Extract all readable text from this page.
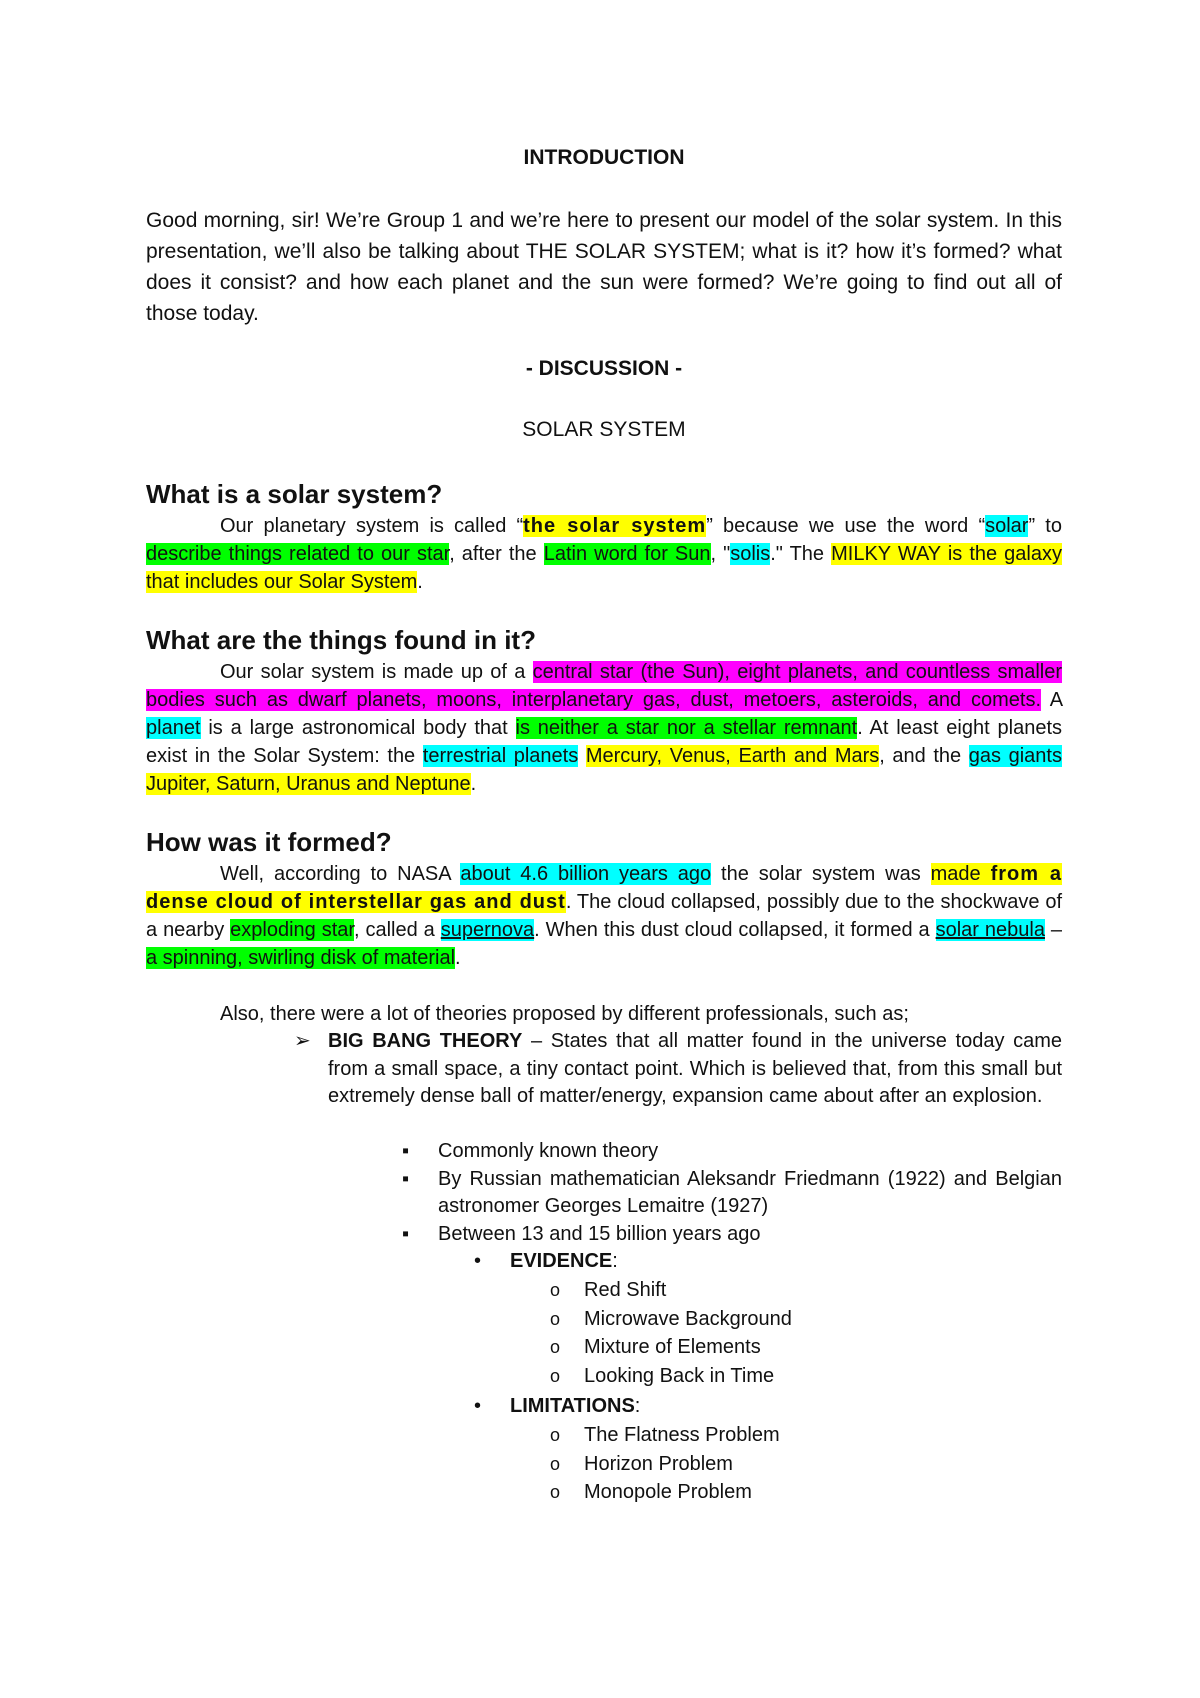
INTRODUCTION
Good morning, sir! We’re Group 1 and we’re here to present our model of the solar system. In this presentation, we’ll also be talking about THE SOLAR SYSTEM; what is it? how it’s formed? what does it consist? and how each planet and the sun were formed? We’re going to find out all of those today.
- DISCUSSION -
SOLAR SYSTEM

What is a solar system?

Our planetary system is called “the solar system” because we use the word “solar” to describe things related to our star, after the Latin word for Sun, "solis." The MILKY WAY is the galaxy that includes our Solar System.

What are the things found in it?

Our solar system is made up of a central star (the Sun), eight planets, and countless smaller bodies such as dwarf planets, moons, interplanetary gas, dust, metoers, asteroids, and comets. A planet is a large astronomical body that is neither a star nor a stellar remnant. At least eight planets exist in the Solar System: the terrestrial planets Mercury, Venus, Earth and Mars, and the gas giants Jupiter, Saturn, Uranus and Neptune.

How was it formed?

Well, according to NASA about 4.6 billion years ago the solar system was made from a dense cloud of interstellar gas and dust. The cloud collapsed, possibly due to the shockwave of a nearby exploding star, called a supernova. When this dust cloud collapsed, it formed a solar nebula – a spinning, swirling disk of material.

Also, there were a lot of theories proposed by different professionals, such as;
➢ BIG BANG THEORY – States that all matter found in the universe today came from a small space, a tiny contact point. Which is believed that, from this small but extremely dense ball of matter/energy, expansion came about after an explosion.
▪ Commonly known theory
▪ By Russian mathematician Aleksandr Friedmann (1922) and Belgian astronomer Georges Lemaitre (1927)
▪ Between 13 and 15 billion years ago
• EVIDENCE:
o Red Shift
o Microwave Background
o Mixture of Elements
o Looking Back in Time
• LIMITATIONS:
o The Flatness Problem
o Horizon Problem
o Monopole Problem
